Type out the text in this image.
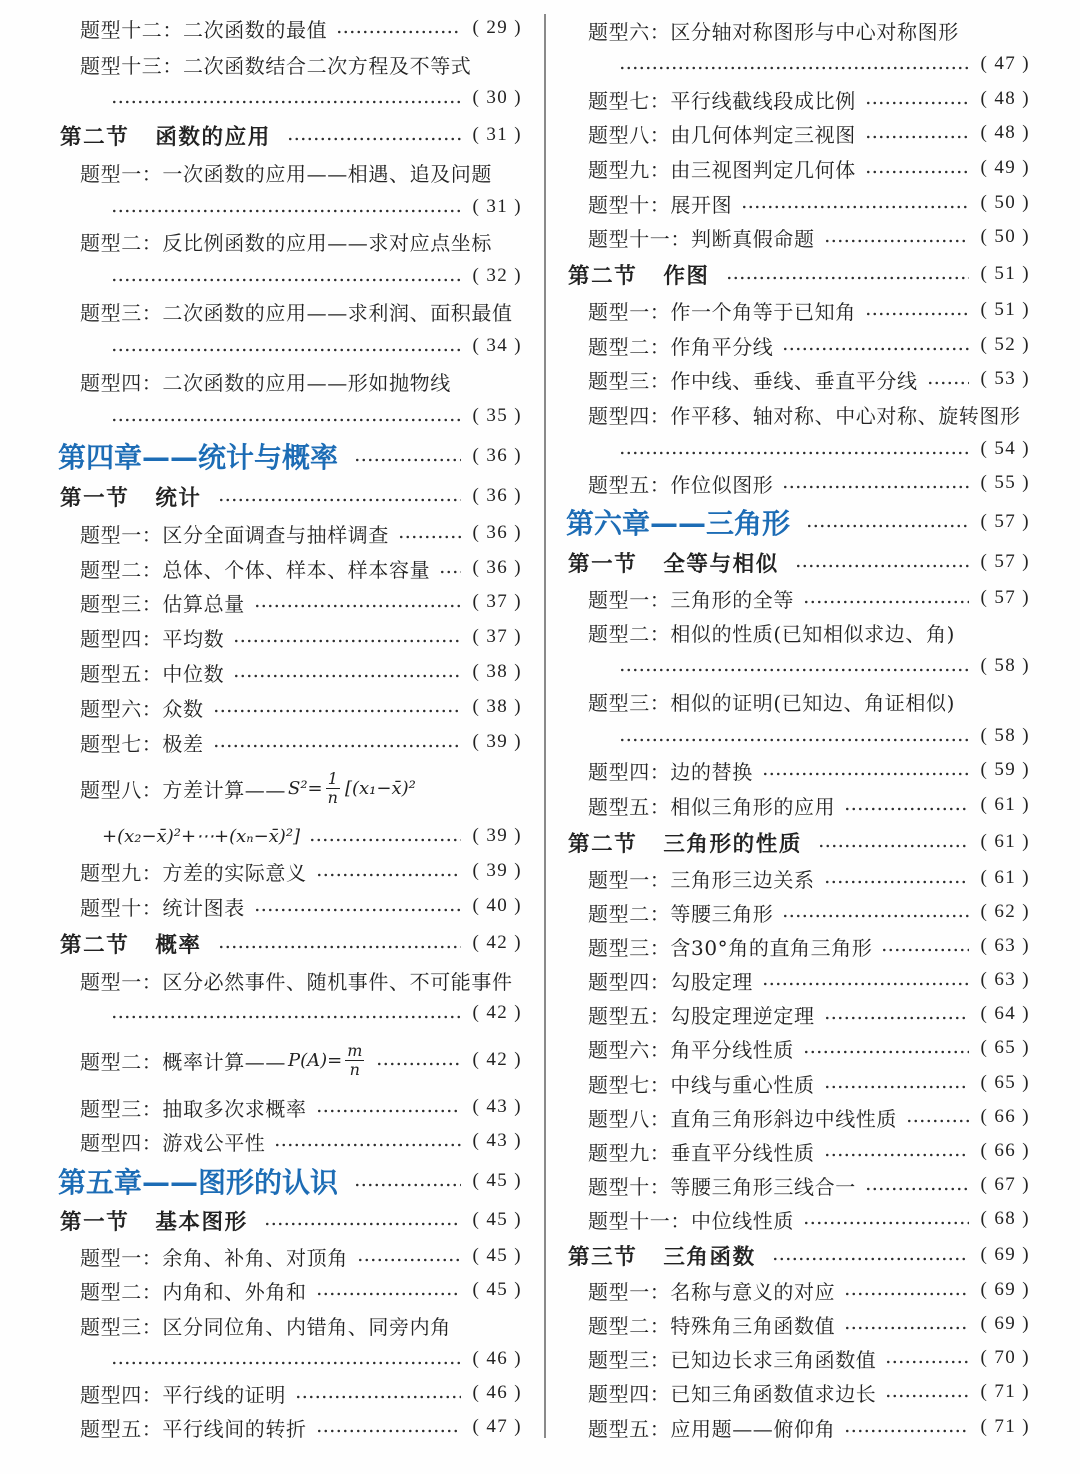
题型十二：二次函数的最值	( 29 )
题型十三：二次函数结合二次方程及不等式
( 30 )
第二节 函数的应用	( 31 )
题型一：一次函数的应用——相遇、追及问题
( 31 )
题型二：反比例函数的应用——求对应点坐标
( 32 )
题型三：二次函数的应用——求利润、面积最值
( 34 )
题型四：二次函数的应用——形如抛物线
( 35 )
第四章——统计与概率	( 36 )
第一节 统计	( 36 )
题型一：区分全面调查与抽样调查	( 36 )
题型二：总体、个体、样本、样本容量 ( 36 )
题型三：估算总量	( 37 )
题型四：平均数	( 37 )
题型五：中位数	( 38 )
题型六：众数	( 38 )
题型七：极差	( 39 )
题型八：方差计算—— $S^2= \frac{1}{n}$ [(x₁−x̄)²
+(x₂−x̄)²+⋯+(xₙ−x̄)²]	( 39 )
题型九：方差的实际意义	( 39 )
题型十：统计图表	( 40 )
第二节 概率	( 42 )
题型一：区分必然事件、随机事件、不可能事件
( 42 )
题型二：概率计算—— $P(A)= \frac{m}{n}$	( 42 )
题型三：抽取多次求概率	( 43 )
题型四：游戏公平性	( 43 )
第五章——图形的认识	( 45 )
第一节 基本图形	( 45 )
题型一：余角、补角、对顶角	( 45 )
题型二：内角和、外角和	( 45 )
题型三：区分同位角、内错角、同旁内角
( 46 )
题型四：平行线的证明	( 46 )
题型五：平行线间的转折	( 47 )
题型六：区分轴对称图形与中心对称图形
( 47 )
题型七：平行线截线段成比例	( 48 )
题型八：由几何体判定三视图	( 48 )
题型九：由三视图判定几何体	( 49 )
题型十：展开图	( 50 )
题型十一：判断真假命题	( 50 )
第二节 作图	( 51 )
题型一：作一个角等于已知角	( 51 )
题型二：作角平分线	( 52 )
题型三：作中线、垂线、垂直平分线	( 53 )
题型四：作平移、轴对称、中心对称、旋转图形
( 54 )
题型五：作位似图形	( 55 )
第六章——三角形	( 57 )
第一节 全等与相似	( 57 )
题型一：三角形的全等	( 57 )
题型二：相似的性质(已知相似求边、角)
( 58 )
题型三：相似的证明(已知边、角证相似)
( 58 )
题型四：边的替换	( 59 )
题型五：相似三角形的应用	( 61 )
第二节 三角形的性质	( 61 )
题型一：三角形三边关系	( 61 )
题型二：等腰三角形	( 62 )
题型三：含30°角的直角三角形	( 63 )
题型四：勾股定理	( 63 )
题型五：勾股定理逆定理	( 64 )
题型六：角平分线性质	( 65 )
题型七：中线与重心性质	( 65 )
题型八：直角三角形斜边中线性质	( 66 )
题型九：垂直平分线性质	( 66 )
题型十：等腰三角形三线合一	( 67 )
题型十一：中位线性质	( 68 )
第三节 三角函数	( 69 )
题型一：名称与意义的对应	( 69 )
题型二：特殊角三角函数值	( 69 )
题型三：已知边长求三角函数值	( 70 )
题型四：已知三角函数值求边长	( 71 )
题型五：应用题——俯仰角	( 71 )
